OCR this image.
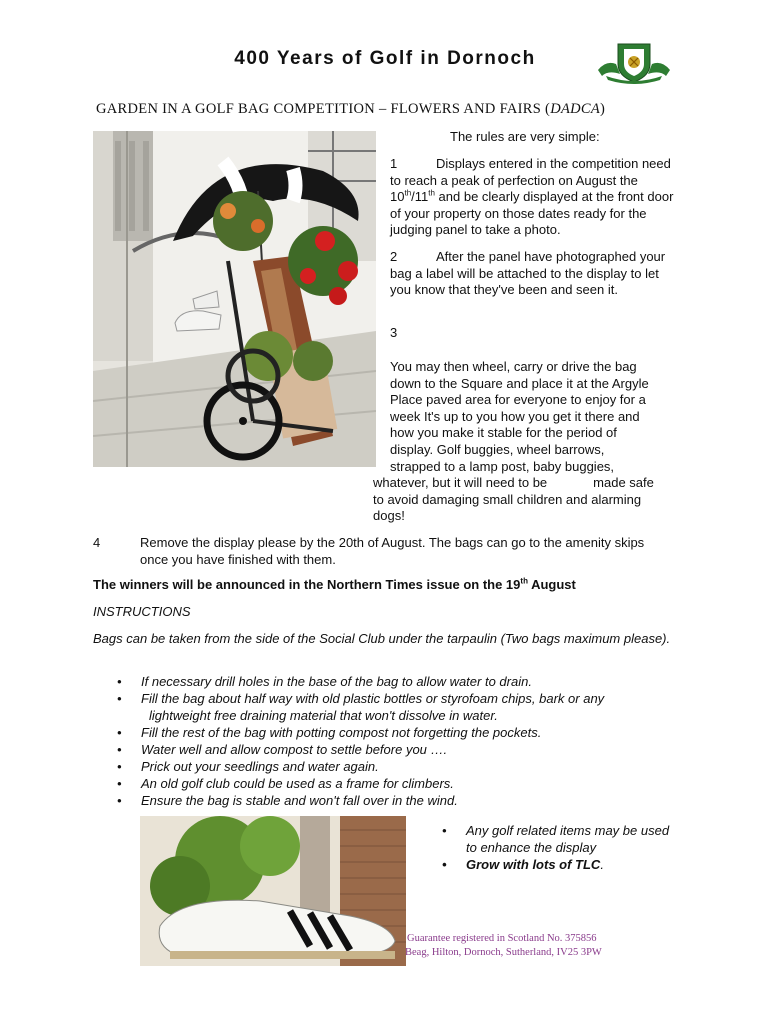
400 Years of Golf in Dornoch
GARDEN IN A GOLF BAG COMPETITION – FLOWERS AND FAIRS (DADCA)
The rules are very simple:

1	Displays entered in the competition need to reach a peak of perfection on August the 10th/11th and be clearly displayed at the front door of your property on those dates ready for the judging panel to take a photo.

2	After the panel have photographed your bag a label will be attached to the display to let you know that they've been and seen it.

3

You may then wheel, carry or drive the bag

down to the Square and place it at the Argyle

Place paved area for everyone to enjoy for a

week It's up to you how you get it there and

how you make it stable for the period of

display. Golf buggies, wheel barrows,

strapped to a lamp post, baby buggies,

whatever, but it will need to be	made safe

to avoid damaging small children and alarming

dogs!

4	Remove the display please by the 20th of August. The bags can go to the amenity skips once you have finished with them.
The winners will be announced in the Northern Times issue on the 19th August
INSTRUCTIONS
Bags can be taken from the side of the Social Club under the tarpaulin (Two bags maximum please).
• If necessary drill holes in the base of the bag to allow water to drain.
• Fill the bag about half way with old plastic bottles or styrofoam chips, bark or any
lightweight free draining material that won't dissolve in water.
• Fill the rest of the bag with potting compost not forgetting the pockets.
• Water well and allow compost to settle before you ….
• Prick out your seedlings and water again.
• An old golf club could be used as a frame for climbers.
• Ensure the bag is stable and won't fall over in the wind.
• Any golf related items may be used to enhance the display
• Grow with lots of TLC.
Guarantee registered in Scotland No. 375856
Beag, Hilton, Dornoch, Sutherland, IV25 3PW
